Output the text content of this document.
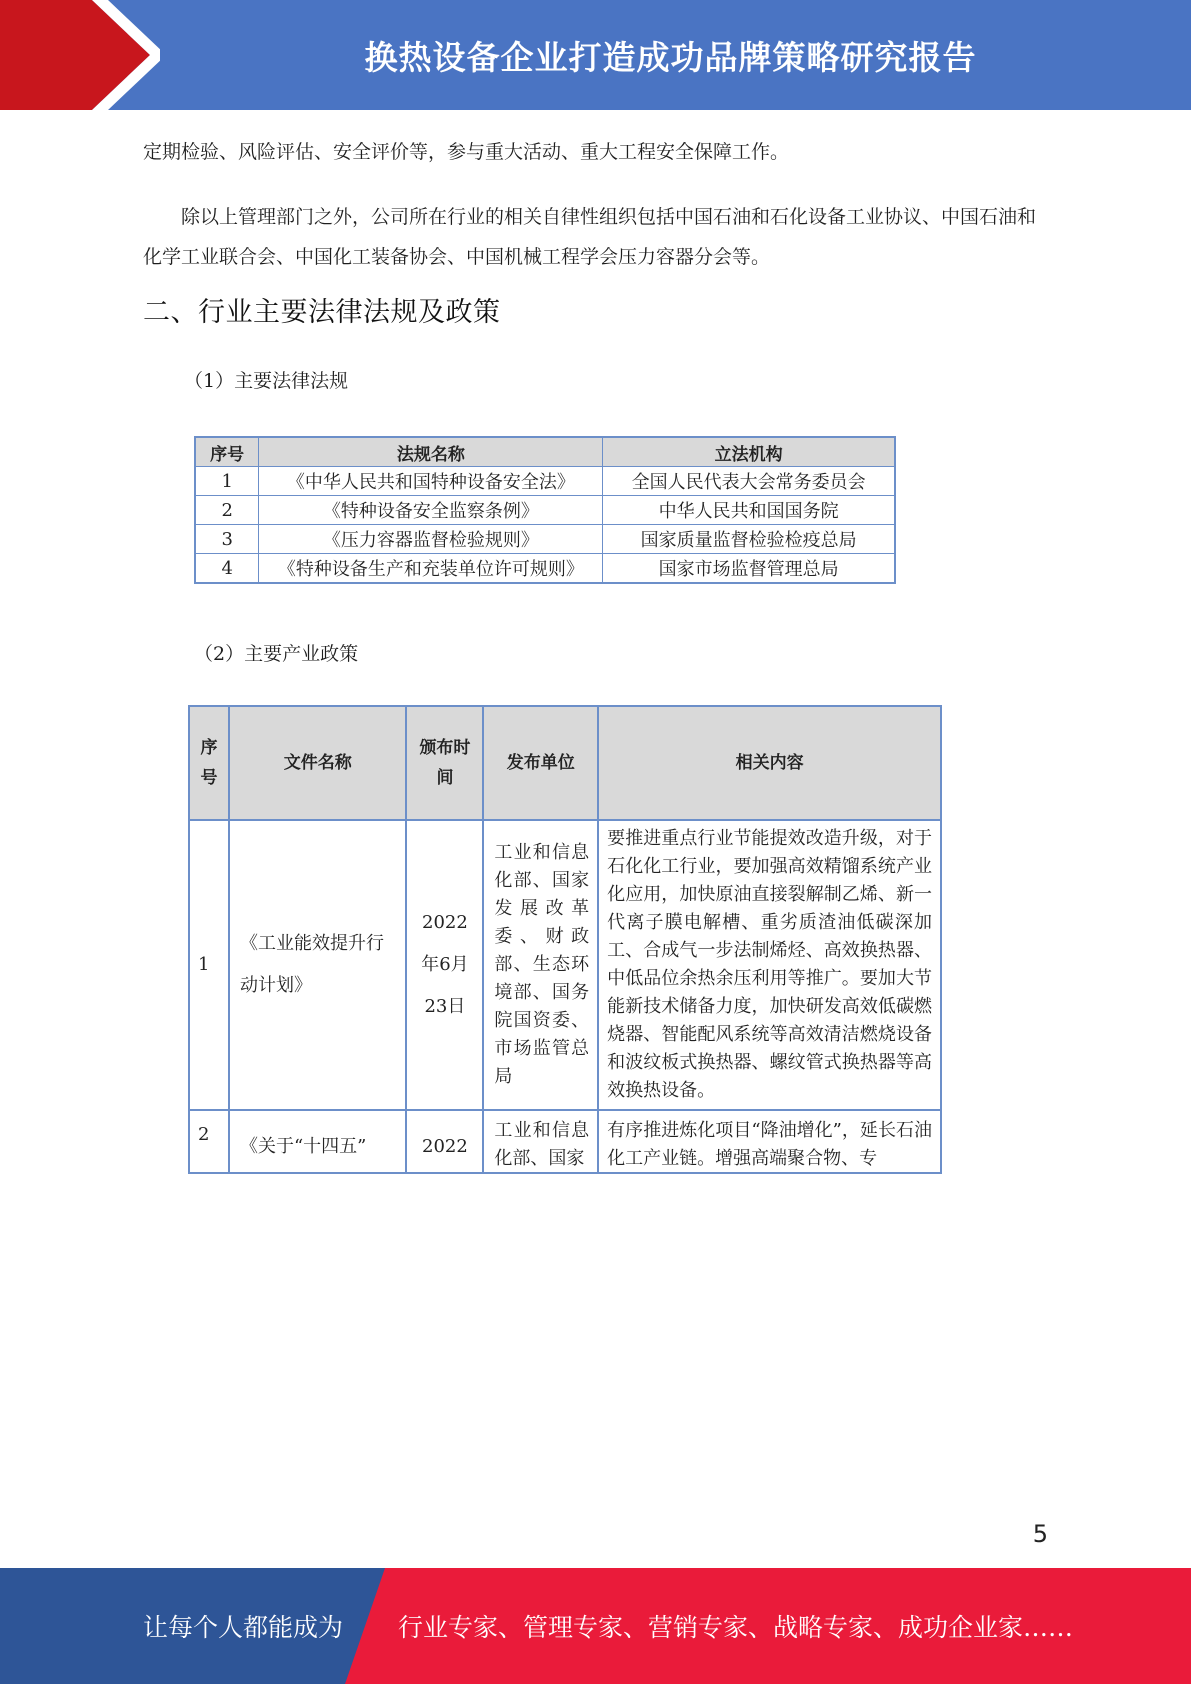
换热设备企业打造成功品牌策略研究报告
定期检验、风险评估、安全评价等，参与重大活动、重大工程安全保障工作。
除以上管理部门之外，公司所在行业的相关自律性组织包括中国石油和石化设备工业协议、中国石油和化学工业联合会、中国化工装备协会、中国机械工程学会压力容器分会等。
二、行业主要法律法规及政策
（1）主要法律法规
序号	法规名称	立法机构
1	《中华人民共和国特种设备安全法》	全国人民代表大会常务委员会
2	《特种设备安全监察条例》	中华人民共和国国务院
3	《压力容器监督检验规则》	国家质量监督检验检疫总局
4	《特种设备生产和充装单位许可规则》	国家市场监督管理总局
（2）主要产业政策
序号	文件名称	颁布时间	发布单位	相关内容
1	《工业能效提升行动计划》	2022年6月23日	工业和信息化部、国家发展改革委、财政部、生态环境部、国务院国资委、市场监管总局	要推进重点行业节能提效改造升级，对于石化化工行业，要加强高效精馏系统产业化应用，加快原油直接裂解制乙烯、新一代离子膜电解槽、重劣质渣油低碳深加工、合成气一步法制烯烃、高效换热器、中低品位余热余压利用等推广。要加大节能新技术储备力度，加快研发高效低碳燃烧器、智能配风系统等高效清洁燃烧设备和波纹板式换热器、螺纹管式换热器等高效换热设备。
2	《关于“十四五”	2022	工业和信息化部、国家	有序推进炼化项目“降油增化”，延长石油化工产业链。增强高端聚合物、专
5
让每个人都能成为 行业专家、管理专家、营销专家、战略专家、成功企业家……
